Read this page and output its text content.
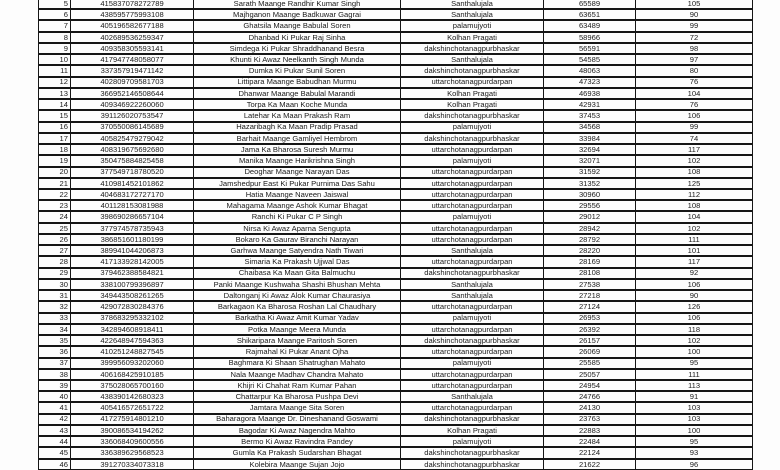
5	415837078272789	Sarath Maange Randhir Kumar Singh	Santhalujala	65589	105
6	438595775993108	Majhganon Maange Badkuwar Gagrai	Santhalujala	63651	90
7	405196582677188	Ghatsila Maange Babulal Soren	palamujyoti	63489	99
8	402689536259347	Dhanbad Ki Pukar Raj Sinha	Kolhan Pragati	58966	72
9	409358305593141	Simdega Ki Pukar Shraddhanand Besra	dakshinchotanagpurbhaskar	56591	98
10	417947748058077	Khunti Ki Awaz Neelkanth Singh Munda	Santhalujala	54585	97
11	337357919471142	Dumka Ki Pukar Sunil Soren	dakshinchotanagpurbhaskar	48063	80
12	402809709581703	Littipara Maange Babudhan Murmu	uttarchotanagpurdarpan	47323	76
13	366952146508644	Dhanwar Maange Babulal Marandi	Kolhan Pragati	46938	104
14	409346922260060	Torpa Ka Maan Koche Munda	Kolhan Pragati	42931	76
15	391126020753547	Latehar Ka Maan Prakash Ram	dakshinchotanagpurbhaskar	37453	106
16	370550086145689	Hazaribagh Ka Maan Pradip Prasad	palamujyoti	34568	99
17	405825479279042	Barhait Maange Gamliyel Hembrom	dakshinchotanagpurbhaskar	33984	74
18	408319675692680	Jama Ka Bharosa Suresh Murmu	uttarchotanagpurdarpan	32694	117
19	350475884825458	Manika Maange Harikrishna Singh	palamujyoti	32071	102
20	377549718780520	Deoghar Maange Narayan Das	uttarchotanagpurdarpan	31592	108
21	410981452101862	Jamshedpur East Ki Pukar Purnima Das Sahu	uttarchotanagpurdarpan	31352	125
22	404683172727170	Hatia Maange Naveen Jaiswal	uttarchotanagpurdarpan	30960	112
23	401128153081988	Mahagama Maange Ashok Kumar Bhagat	uttarchotanagpurdarpan	29556	108
24	398690286657104	Ranchi Ki Pukar C P Singh	palamujyoti	29012	104
25	377974578735943	Nirsa Ki Awaz Aparna Sengupta	uttarchotanagpurdarpan	28942	102
26	386851601180199	Bokaro Ka Gaurav Biranchi Narayan	uttarchotanagpurdarpan	28792	111
27	389941044206873	Garhwa Maange Satyendra Nath Tiwari	Santhalujala	28220	101
28	417133928142005	Simaria Ka Prakash Ujjwal Das	uttarchotanagpurdarpan	28169	117
29	379462388584821	Chaibasa Ka Maan Gita Balmuchu	dakshinchotanagpurbhaskar	28108	92
30	338100799396897	Panki Maange Kushwaha Shashi Bhushan Mehta	Santhalujala	27538	106
31	349443508261265	Daltonganj Ki Awaz Alok Kumar Chaurasiya	Santhalujala	27218	90
32	429072830284376	Barkagaon Ka Bharosa Roshan Lal Chaudhary	uttarchotanagpurdarpan	27124	126
33	378683295332102	Barkatha Ki Awaz Amit Kumar Yadav	palamujyoti	26953	106
34	342894608918411	Potka Maange Meera Munda	uttarchotanagpurdarpan	26392	118
35	422648947594363	Shikaripara Maange Paritosh Soren	dakshinchotanagpurbhaskar	26157	102
36	410251248827545	Rajmahal Ki Pukar Anant Ojha	uttarchotanagpurdarpan	26069	100
37	399956093202060	Baghmara Ki Shaan Shatrughan Mahato	palamujyoti	25585	95
38	406168425910185	Nala Maange Madhav Chandra Mahato	uttarchotanagpurdarpan	25057	111
39	375028065700160	Khijri Ki Chahat Ram Kumar Pahan	uttarchotanagpurdarpan	24954	113
40	438390142680323	Chattarpur Ka Bharosa Pushpa Devi	Santhalujala	24766	91
41	405416572651722	Jamtara Maange Sita Soren	uttarchotanagpurdarpan	24130	103
42	417275914801210	Baharagora Maange Dr. Dineshanand Goswami	dakshinchotanagpurbhaskar	23763	103
43	390086534194262	Bagodar Ki Awaz Nagendra Mahto	Kolhan Pragati	22883	100
44	336068409600556	Bermo Ki Awaz Ravindra Pandey	palamujyoti	22484	95
45	336389629568523	Gumla Ka Prakash Sudarshan Bhagat	dakshinchotanagpurbhaskar	22124	93
46	391270334073318	Kolebira Maange Sujan Jojo	dakshinchotanagpurbhaskar	21622	96
